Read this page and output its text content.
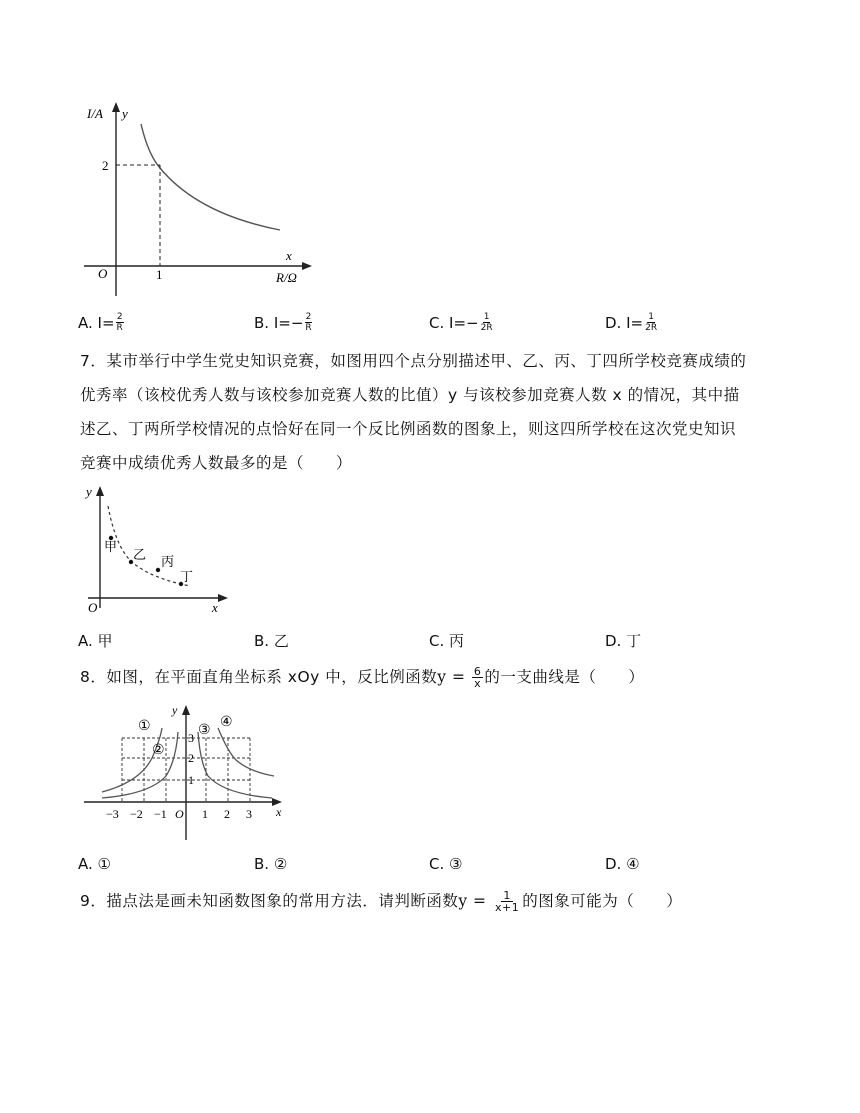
I/A y
2
O	1
x
R/Ω
A.
$I= \frac{2}{R}$	B.
$I=- \frac{2}{R}$	C.
$I=- \frac{1}{2R}$	D.
$I= \frac{1}{2R}$
7．某市举行中学生党史知识竞赛，如图用四个点分别描述甲、乙、丙、丁四所学校竞赛成绩的
优秀率（该校优秀人数与该校参加竞赛人数的比值）y 与该校参加竞赛人数 x 的情况，其中描
述乙、丁两所学校情况的点恰好在同一个反比例函数的图象上，则这四所学校在这次党史知识
竞赛中成绩优秀人数最多的是（　　）
甲
乙 丙
丁
y
O	x
A.
甲	B.
乙	C.
丙	D.
丁
8．如图，在平面直角坐标系 xOy 中，反比例函数$y = \frac{6}{x}$ 的一支曲线是（　　）
①
②
③
④
y
3
2
1
−3 −2 −1 O 1 2 3 x
A.
①	B.
②	C.
③	D.
④
9．描点法是画未知函数图象的常用方法．请判断函数$y = \frac{1}{x+1}$ 的图象可能为（　　）
